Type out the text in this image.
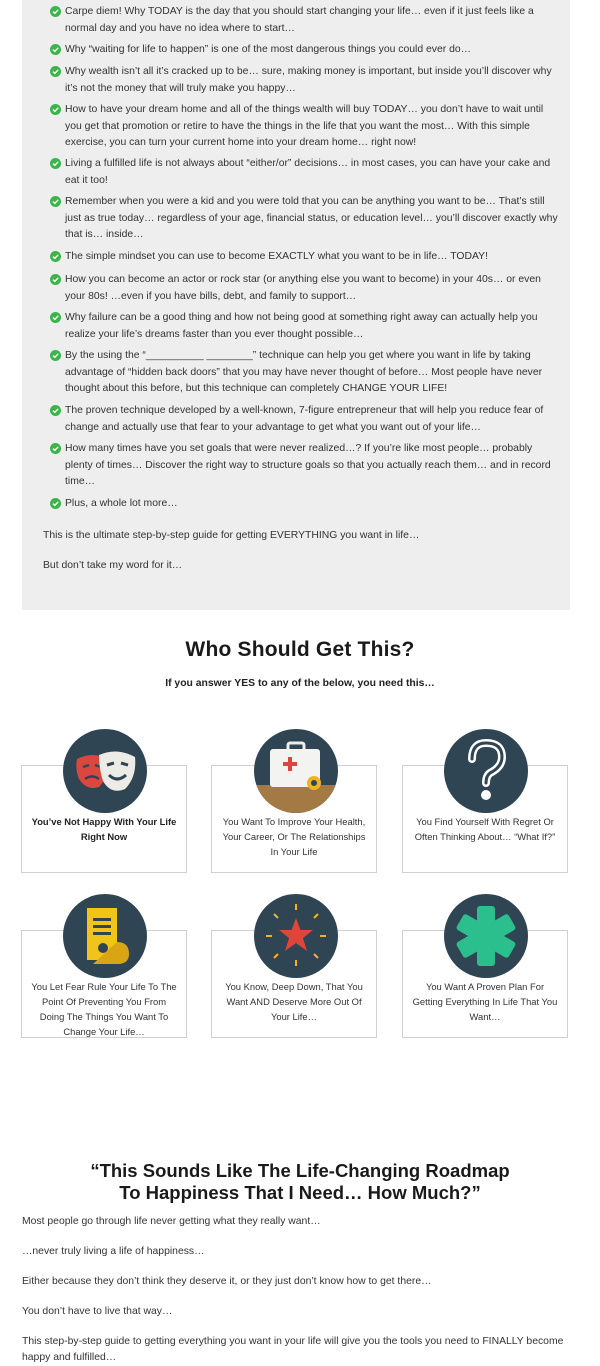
Carpe diem! Why TODAY is the day that you should start changing your life… even if it just feels like a normal day and you have no idea where to start…
Why “waiting for life to happen” is one of the most dangerous things you could ever do…
Why wealth isn’t all it’s cracked up to be… sure, making money is important, but inside you’ll discover why it’s not the money that will truly make you happy…
How to have your dream home and all of the things wealth will buy TODAY… you don’t have to wait until you get that promotion or retire to have the things in the life that you want the most… With this simple exercise, you can turn your current home into your dream home… right now!
Living a fulfilled life is not always about “either/or” decisions… in most cases, you can have your cake and eat it too!
Remember when you were a kid and you were told that you can be anything you want to be… That’s still just as true today… regardless of your age, financial status, or education level… you’ll discover exactly why that is… inside…
The simple mindset you can use to become EXACTLY what you want to be in life… TODAY!
How you can become an actor or rock star (or anything else you want to become) in your 40s… or even your 80s! …even if you have bills, debt, and family to support…
Why failure can be a good thing and how not being good at something right away can actually help you realize your life’s dreams faster than you ever thought possible…
By the using the “__________ ________” technique can help you get where you want in life by taking advantage of “hidden back doors” that you may have never thought of before… Most people have never thought about this before, but this technique can completely CHANGE YOUR LIFE!
The proven technique developed by a well-known, 7-figure entrepreneur that will help you reduce fear of change and actually use that fear to your advantage to get what you want out of your life…
How many times have you set goals that were never realized…? If you’re like most people… probably plenty of times… Discover the right way to structure goals so that you actually reach them… and in record time…
Plus, a whole lot more…

This is the ultimate step-by-step guide for getting EVERYTHING you want in life…

But don’t take my word for it…

Who Should Get This?

If you answer YES to any of the below, you need this…

You’ve Not Happy With Your Life Right Now
You Want To Improve Your Health, Your Career, Or The Relationships In Your Life
You Find Yourself With Regret Or Often Thinking About… “What If?”
You Let Fear Rule Your Life To The Point Of Preventing You From Doing The Things You Want To Change Your Life…
You Know, Deep Down, That You Want AND Deserve More Out Of Your Life…
You Want A Proven Plan For Getting Everything In Life That You Want…
“This Sounds Like The Life-Changing Roadmap
To Happiness That I Need… How Much?”

Most people go through life never getting what they really want…

…never truly living a life of happiness…

Either because they don’t think they deserve it, or they just don’t know how to get there…

You don’t have to live that way…

This step-by-step guide to getting everything you want in your life will give you the tools you need to FINALLY become happy and fulfilled…
